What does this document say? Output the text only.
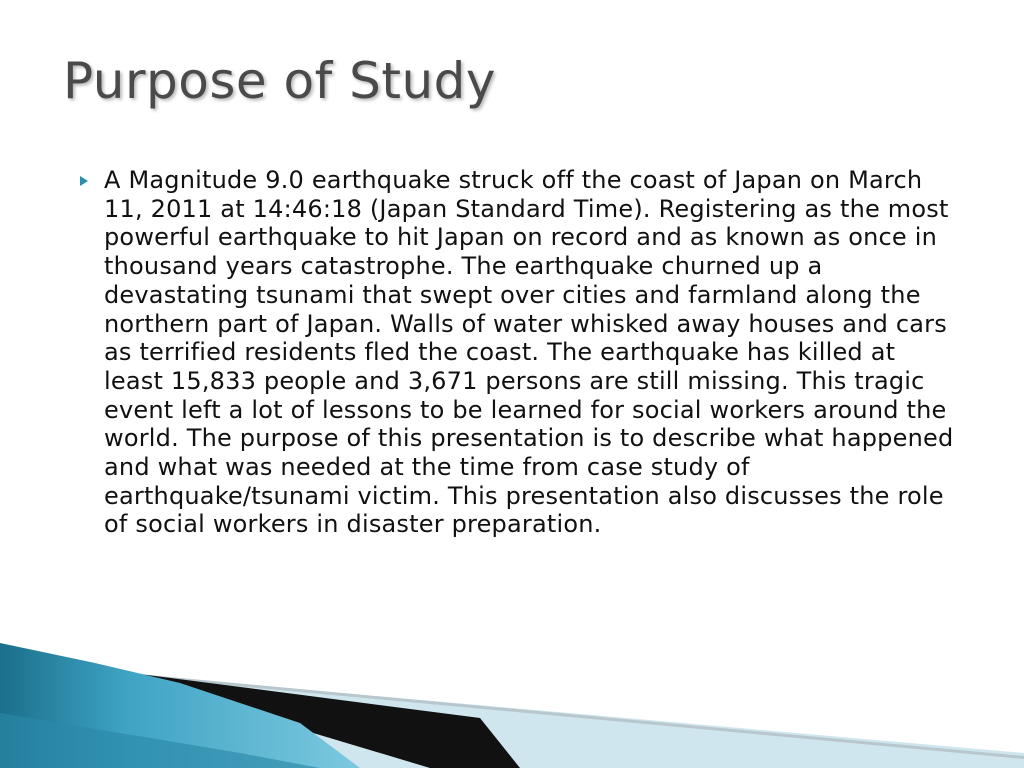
Purpose of Study

A Magnitude 9.0 earthquake struck off the coast of Japan on March 11, 2011 at 14:46:18 (Japan Standard Time). Registering as the most powerful earthquake to hit Japan on record and as known as once in thousand years catastrophe. The earthquake churned up a devastating tsunami that swept over cities and farmland along the northern part of Japan. Walls of water whisked away houses and cars as terrified residents fled the coast. The earthquake has killed at least 15,833 people and 3,671 persons are still missing. This tragic event left a lot of lessons to be learned for social workers around the world. The purpose of this presentation is to describe what happened and what was needed at the time from case study of earthquake/tsunami victim. This presentation also discusses the role of social workers in disaster preparation.
